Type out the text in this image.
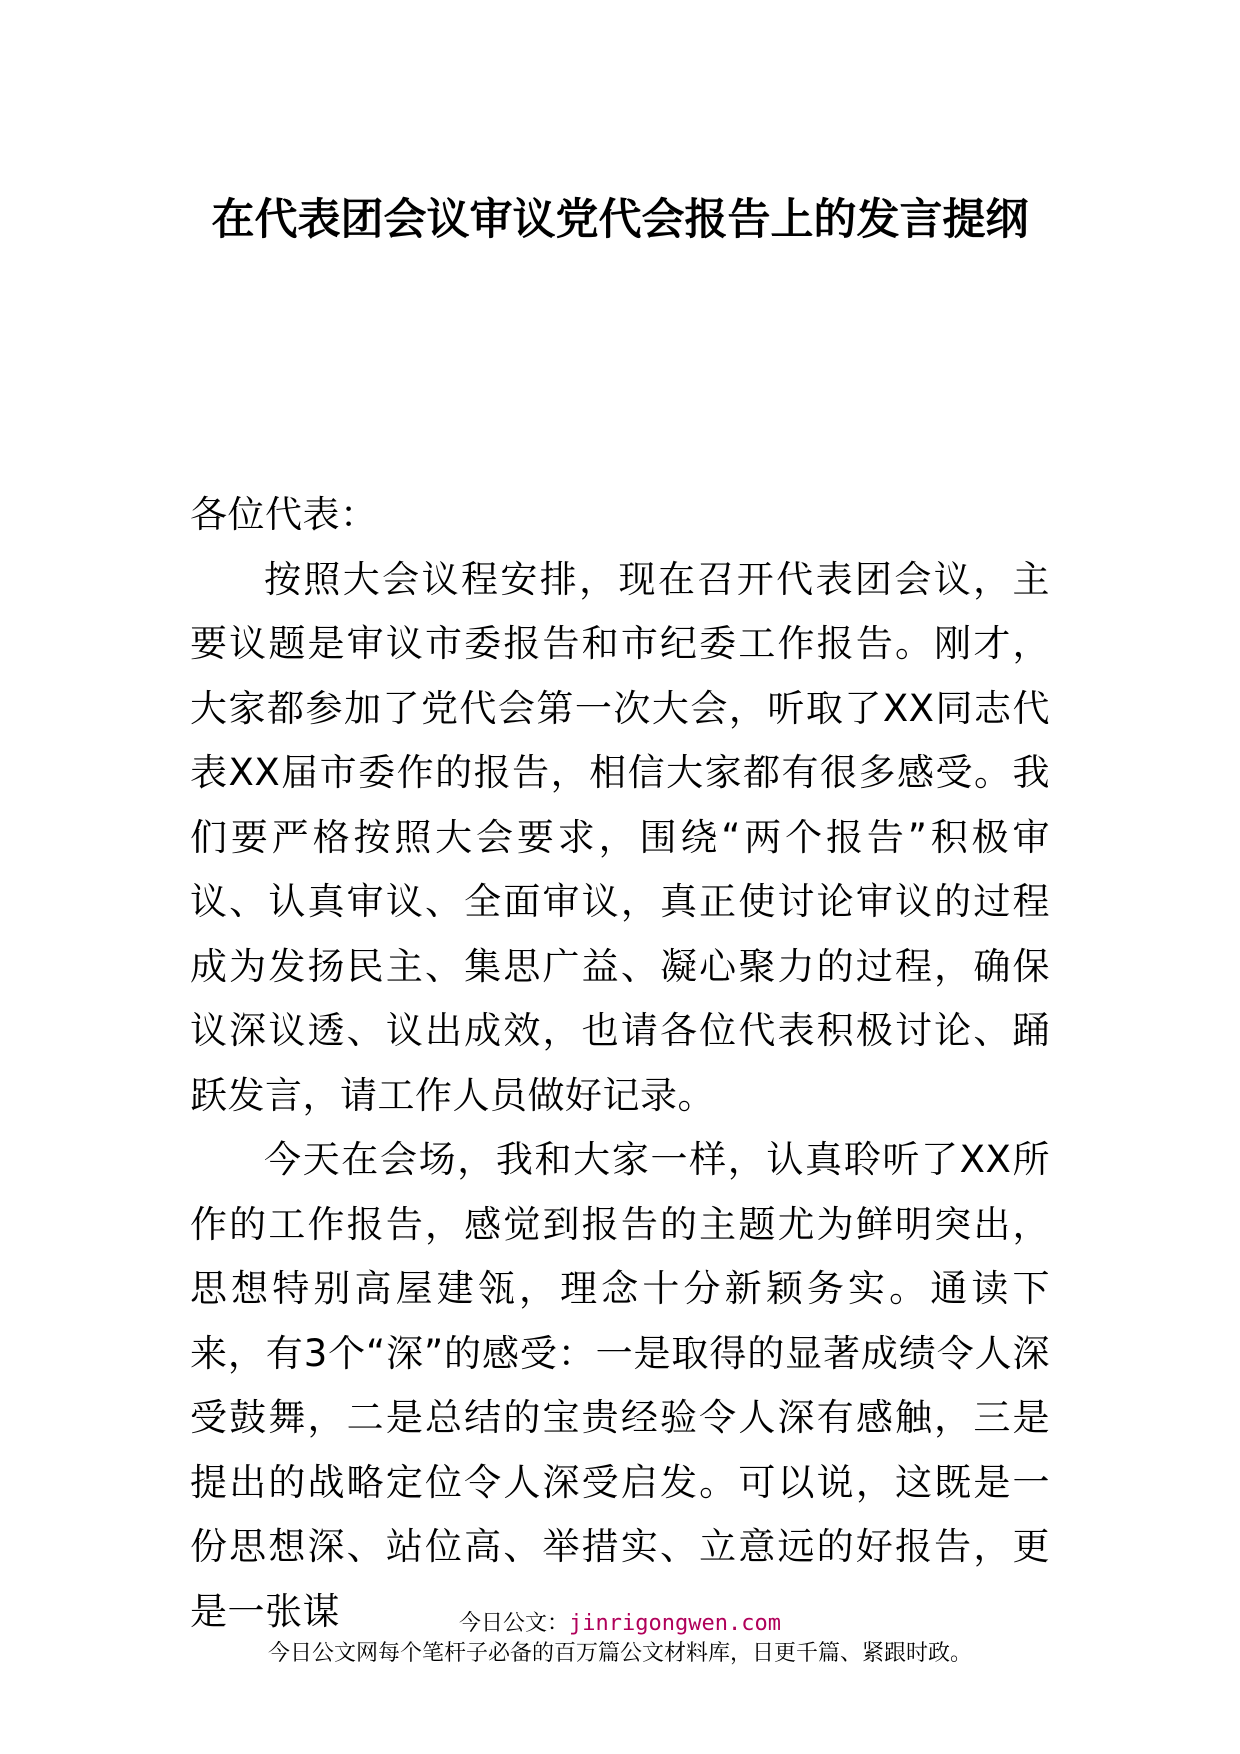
在代表团会议审议党代会报告上的发言提纲

各位代表：

按照大会议程安排，现在召开代表团会议，主要议题是审议市委报告和市纪委工作报告。刚才，大家都参加了党代会第一次大会，听取了XX同志代表XX届市委作的报告，相信大家都有很多感受。我们要严格按照大会要求，围绕“两个报告”积极审议、认真审议、全面审议，真正使讨论审议的过程成为发扬民主、集思广益、凝心聚力的过程，确保议深议透、议出成效，也请各位代表积极讨论、踊跃发言，请工作人员做好记录。

今天在会场，我和大家一样，认真聆听了XX所作的工作报告，感觉到报告的主题尤为鲜明突出，思想特别高屋建瓴，理念十分新颖务实。通读下来，有3个“深”的感受：一是取得的显著成绩令人深受鼓舞，二是总结的宝贵经验令人深有感触，三是提出的战略定位令人深受启发。可以说，这既是一份思想深、站位高、举措实、立意远的好报告，更是一张谋	今日公文：jinrigongwen.com
今日公文网每个笔杆子必备的百万篇公文材料库，日更千篇、紧跟时政。
